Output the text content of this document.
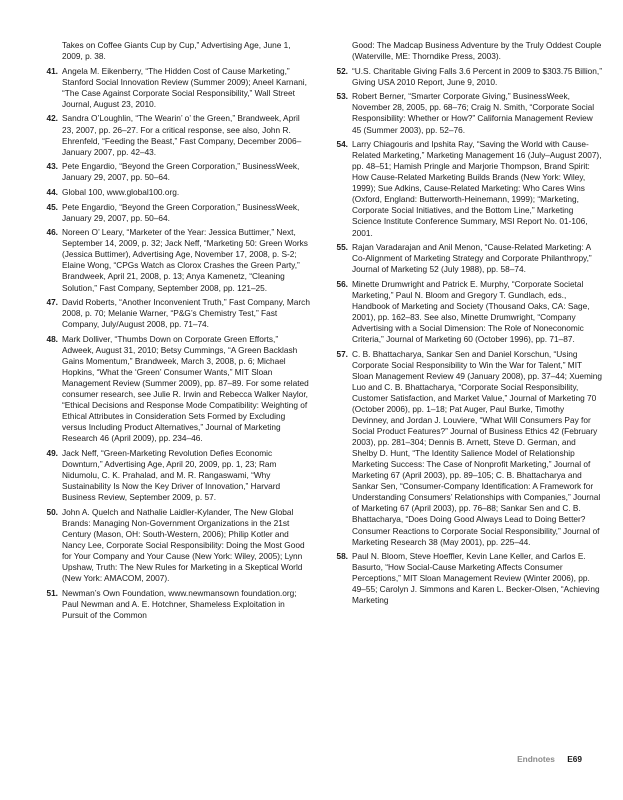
Takes on Coffee Giants Cup by Cup,” Advertising Age, June 1, 2009, p. 38.
41. Angela M. Eikenberry, “The Hidden Cost of Cause Marketing,” Stanford Social Innovation Review (Summer 2009); Aneel Karnani, “The Case Against Corporate Social Responsibility,” Wall Street Journal, August 23, 2010.
42. Sandra O’Loughlin, “The Wearin’ o’ the Green,” Brandweek, April 23, 2007, pp. 26–27. For a critical response, see also, John R. Ehrenfeld, “Feeding the Beast,” Fast Company, December 2006–January 2007, pp. 42–43.
43. Pete Engardio, “Beyond the Green Corporation,” BusinessWeek, January 29, 2007, pp. 50–64.
44. Global 100, www.global100.org.
45. Pete Engardio, “Beyond the Green Corporation,” BusinessWeek, January 29, 2007, pp. 50–64.
46. Noreen O’ Leary, “Marketer of the Year: Jessica Buttimer,” Next, September 14, 2009, p. 32; Jack Neff, “Marketing 50: Green Works (Jessica Buttimer), Advertising Age, November 17, 2008, p. S-2; Elaine Wong, “CPGs Watch as Clorox Crashes the Green Party,” Brandweek, April 21, 2008, p. 13; Anya Kamenetz, “Cleaning Solution,” Fast Company, September 2008, pp. 121–25.
47. David Roberts, “Another Inconvenient Truth,” Fast Company, March 2008, p. 70; Melanie Warner, “P&G’s Chemistry Test,” Fast Company, July/August 2008, pp. 71–74.
48. Mark Dolliver, “Thumbs Down on Corporate Green Efforts,” Adweek, August 31, 2010; Betsy Cummings, “A Green Backlash Gains Momentum,” Brandweek, March 3, 2008, p. 6; Michael Hopkins, “What the ‘Green’ Consumer Wants,” MIT Sloan Management Review (Summer 2009), pp. 87–89. For some related consumer research, see Julie R. Irwin and Rebecca Walker Naylor, “Ethical Decisions and Response Mode Compatibility: Weighting of Ethical Attributes in Consideration Sets Formed by Excluding versus Including Product Alternatives,” Journal of Marketing Research 46 (April 2009), pp. 234–46.
49. Jack Neff, “Green-Marketing Revolution Defies Economic Downturn,” Advertising Age, April 20, 2009, pp. 1, 23; Ram Nidumolu, C. K. Prahalad, and M. R. Rangaswami, “Why Sustainability Is Now the Key Driver of Innovation,” Harvard Business Review, September 2009, p. 57.
50. John A. Quelch and Nathalie Laidler-Kylander, The New Global Brands: Managing Non-Government Organizations in the 21st Century (Mason, OH: South-Western, 2006); Philip Kotler and Nancy Lee, Corporate Social Responsibility: Doing the Most Good for Your Company and Your Cause (New York: Wiley, 2005); Lynn Upshaw, Truth: The New Rules for Marketing in a Skeptical World (New York: AMACOM, 2007).
51. Newman’s Own Foundation, www.newmansown foundation.org; Paul Newman and A. E. Hotchner, Shameless Exploitation in Pursuit of the Common
Good: The Madcap Business Adventure by the Truly Oddest Couple (Waterville, ME: Thorndike Press, 2003).
52. “U.S. Charitable Giving Falls 3.6 Percent in 2009 to $303.75 Billion,” Giving USA 2010 Report, June 9, 2010.
53. Robert Berner, “Smarter Corporate Giving,” BusinessWeek, November 28, 2005, pp. 68–76; Craig N. Smith, “Corporate Social Responsibility: Whether or How?” California Management Review 45 (Summer 2003), pp. 52–76.
54. Larry Chiagouris and Ipshita Ray, “Saving the World with Cause-Related Marketing,” Marketing Management 16 (July–August 2007), pp. 48–51; Hamish Pringle and Marjorie Thompson, Brand Spirit: How Cause-Related Marketing Builds Brands (New York: Wiley, 1999); Sue Adkins, Cause-Related Marketing: Who Cares Wins (Oxford, England: Butterworth-Heinemann, 1999); “Marketing, Corporate Social Initiatives, and the Bottom Line,” Marketing Science Institute Conference Summary, MSI Report No. 01-106, 2001.
55. Rajan Varadarajan and Anil Menon, “Cause-Related Marketing: A Co-Alignment of Marketing Strategy and Corporate Philanthropy,” Journal of Marketing 52 (July 1988), pp. 58–74.
56. Minette Drumwright and Patrick E. Murphy, “Corporate Societal Marketing,” Paul N. Bloom and Gregory T. Gundlach, eds., Handbook of Marketing and Society (Thousand Oaks, CA: Sage, 2001), pp. 162–83. See also, Minette Drumwright, “Company Advertising with a Social Dimension: The Role of Noneconomic Criteria,” Journal of Marketing 60 (October 1996), pp. 71–87.
57. C. B. Bhattacharya, Sankar Sen and Daniel Korschun, “Using Corporate Social Responsibility to Win the War for Talent,” MIT Sloan Management Review 49 (January 2008), pp. 37–44; Xueming Luo and C. B. Bhattacharya, “Corporate Social Responsibility, Customer Satisfaction, and Market Value,” Journal of Marketing 70 (October 2006), pp. 1–18; Pat Auger, Paul Burke, Timothy Devinney, and Jordan J. Louviere, “What Will Consumers Pay for Social Product Features?” Journal of Business Ethics 42 (February 2003), pp. 281–304; Dennis B. Arnett, Steve D. German, and Shelby D. Hunt, “The Identity Salience Model of Relationship Marketing Success: The Case of Nonprofit Marketing,” Journal of Marketing 67 (April 2003), pp. 89–105; C. B. Bhattacharya and Sankar Sen, “Consumer-Company Identification: A Framework for Understanding Consumers’ Relationships with Companies,” Journal of Marketing 67 (April 2003), pp. 76–88; Sankar Sen and C. B. Bhattacharya, “Does Doing Good Always Lead to Doing Better? Consumer Reactions to Corporate Social Responsibility,” Journal of Marketing Research 38 (May 2001), pp. 225–44.
58. Paul N. Bloom, Steve Hoeffler, Kevin Lane Keller, and Carlos E. Basurto, “How Social-Cause Marketing Affects Consumer Perceptions,” MIT Sloan Management Review (Winter 2006), pp. 49–55; Carolyn J. Simmons and Karen L. Becker-Olsen, “Achieving Marketing
Endnotes E69
